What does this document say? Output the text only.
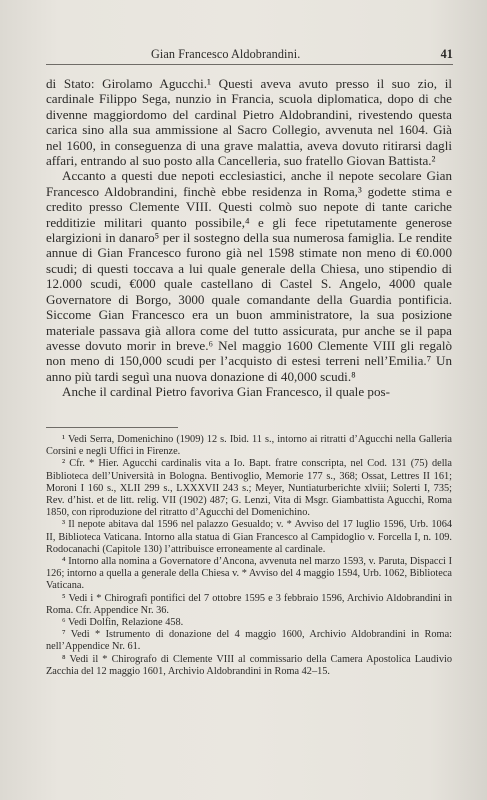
Gian Francesco Aldobrandini.	41

di Stato: Girolamo Agucchi.¹ Questi aveva avuto presso il suo zio, il cardinale Filippo Sega, nunzio in Francia, scuola diplomatica, dopo di che divenne maggiordomo del cardinal Pietro Aldobrandini, rivestendo questa carica sino alla sua ammissione al Sacro Collegio, avvenuta nel 1604. Già nel 1600, in conseguenza di una grave malattia, aveva dovuto ritirarsi dagli affari, entrando al suo posto alla Cancelleria, suo fratello Giovan Battista.²

Accanto a questi due nepoti ecclesiastici, anche il nepote secolare Gian Francesco Aldobrandini, finchè ebbe residenza in Roma,³ godette stima e credito presso Clemente VIII. Questi colmò suo nepote di tante cariche redditizie militari quanto possibile,⁴ e gli fece ripetutamente generose elargizioni in danaro⁵ per il sostegno della sua numerosa famiglia. Le rendite annue di Gian Francesco furono già nel 1598 stimate non meno di €0.000 scudi; di questi toccava a lui quale generale della Chiesa, uno stipendio di 12.000 scudi, €000 quale castellano di Castel S. Angelo, 4000 quale Governatore di Borgo, 3000 quale comandante della Guardia pontificia. Siccome Gian Francesco era un buon amministratore, la sua posizione materiale passava già allora come del tutto assicurata, pur anche se il papa avesse dovuto morir in breve.⁶ Nel maggio 1600 Clemente VIII gli regalò non meno di 150,000 scudi per l’acquisto di estesi terreni nell’Emilia.⁷ Un anno più tardi seguì una nuova donazione di 40,000 scudi.⁸

Anche il cardinal Pietro favoriva Gian Francesco, il quale pos-

¹ Vedi Serra, Domenichino (1909) 12 s. Ibid. 11 s., intorno ai ritratti d’Agucchi nella Galleria Corsini e negli Uffici in Firenze.

² Cfr. * Hier. Agucchi cardinalis vita a Io. Bapt. fratre conscripta, nel Cod. 131 (75) della Biblioteca dell’Università in Bologna. Bentivoglio, Memorie 177 s., 368; Ossat, Lettres II 161; Moroni I 160 s., XLII 299 s., LXXXVII 243 s.; Meyer, Nuntiaturberichte xlviii; Solerti I, 735; Rev. d’hist. et de litt. relig. VII (1902) 487; G. Lenzi, Vita di Msgr. Giambattista Agucchi, Roma 1850, con riproduzione del ritratto d’Agucchi del Domenichino.

³ Il nepote abitava dal 1596 nel palazzo Gesualdo; v. * Avviso del 17 luglio 1596, Urb. 1064 II, Biblioteca Vaticana. Intorno alla statua di Gian Francesco al Campidoglio v. Forcella I, n. 109. Rodocanachi (Capitole 130) l’attribuisce erroneamente al cardinale.

⁴ Intorno alla nomina a Governatore d’Ancona, avvenuta nel marzo 1593, v. Paruta, Dispacci I 126; intorno a quella a generale della Chiesa v. * Avviso del 4 maggio 1594, Urb. 1062, Biblioteca Vaticana.

⁵ Vedi i * Chirografi pontifici del 7 ottobre 1595 e 3 febbraio 1596, Archivio Aldobrandini in Roma. Cfr. Appendice Nr. 36.

⁶ Vedi Dolfin, Relazione 458.

⁷ Vedi * Istrumento di donazione del 4 maggio 1600, Archivio Aldobrandini in Roma: nell’Appendice Nr. 61.

⁸ Vedi il * Chirografo di Clemente VIII al commissario della Camera Apostolica Laudivio Zacchia del 12 maggio 1601, Archivio Aldobrandini in Roma 42–15.
